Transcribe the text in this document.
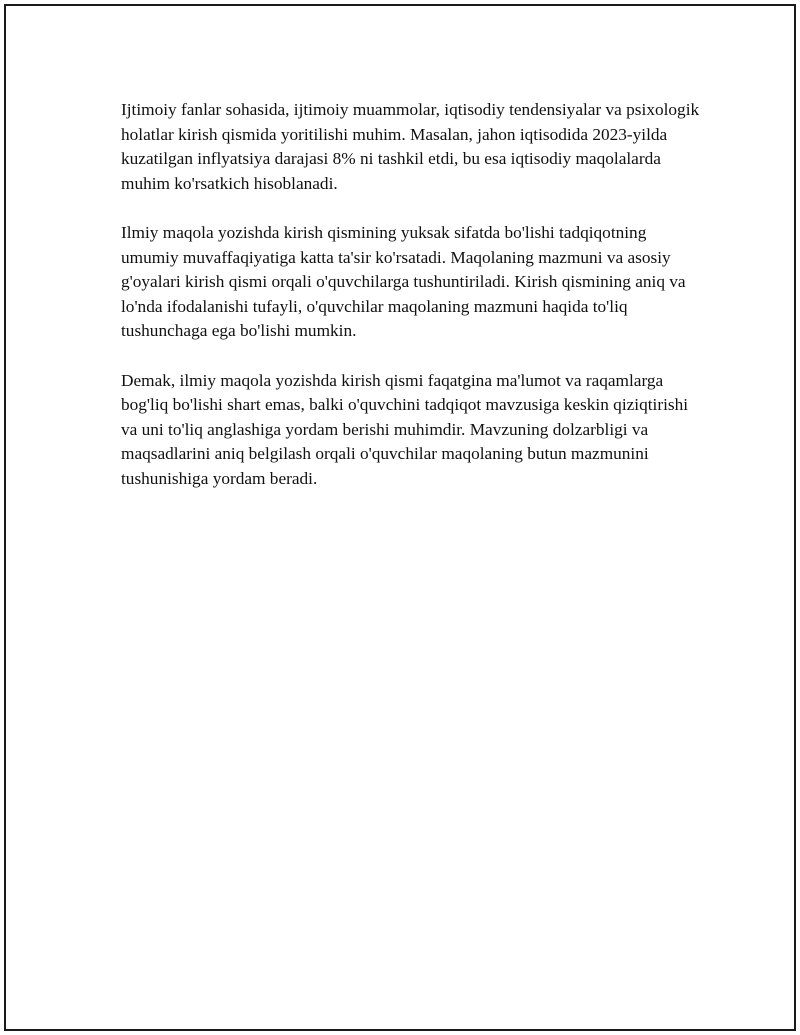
Ijtimoiy fanlar sohasida, ijtimoiy muammolar, iqtisodiy tendensiyalar va psixologik holatlar kirish qismida yoritilishi muhim. Masalan, jahon iqtisodida 2023-yilda kuzatilgan inflyatsiya darajasi 8% ni tashkil etdi, bu esa iqtisodiy maqolalarda muhim ko'rsatkich hisoblanadi.

Ilmiy maqola yozishda kirish qismining yuksak sifatda bo'lishi tadqiqotning umumiy muvaffaqiyatiga katta ta'sir ko'rsatadi. Maqolaning mazmuni va asosiy g'oyalari kirish qismi orqali o'quvchilarga tushuntiriladi. Kirish qismining aniq va lo'nda ifodalanishi tufayli, o'quvchilar maqolaning mazmuni haqida to'liq tushunchaga ega bo'lishi mumkin.

Demak, ilmiy maqola yozishda kirish qismi faqatgina ma'lumot va raqamlarga bog'liq bo'lishi shart emas, balki o'quvchini tadqiqot mavzusiga keskin qiziqtirishi va uni to'liq anglashiga yordam berishi muhimdir. Mavzuning dolzarbligi va maqsadlarini aniq belgilash orqali o'quvchilar maqolaning butun mazmunini tushunishiga yordam beradi.
